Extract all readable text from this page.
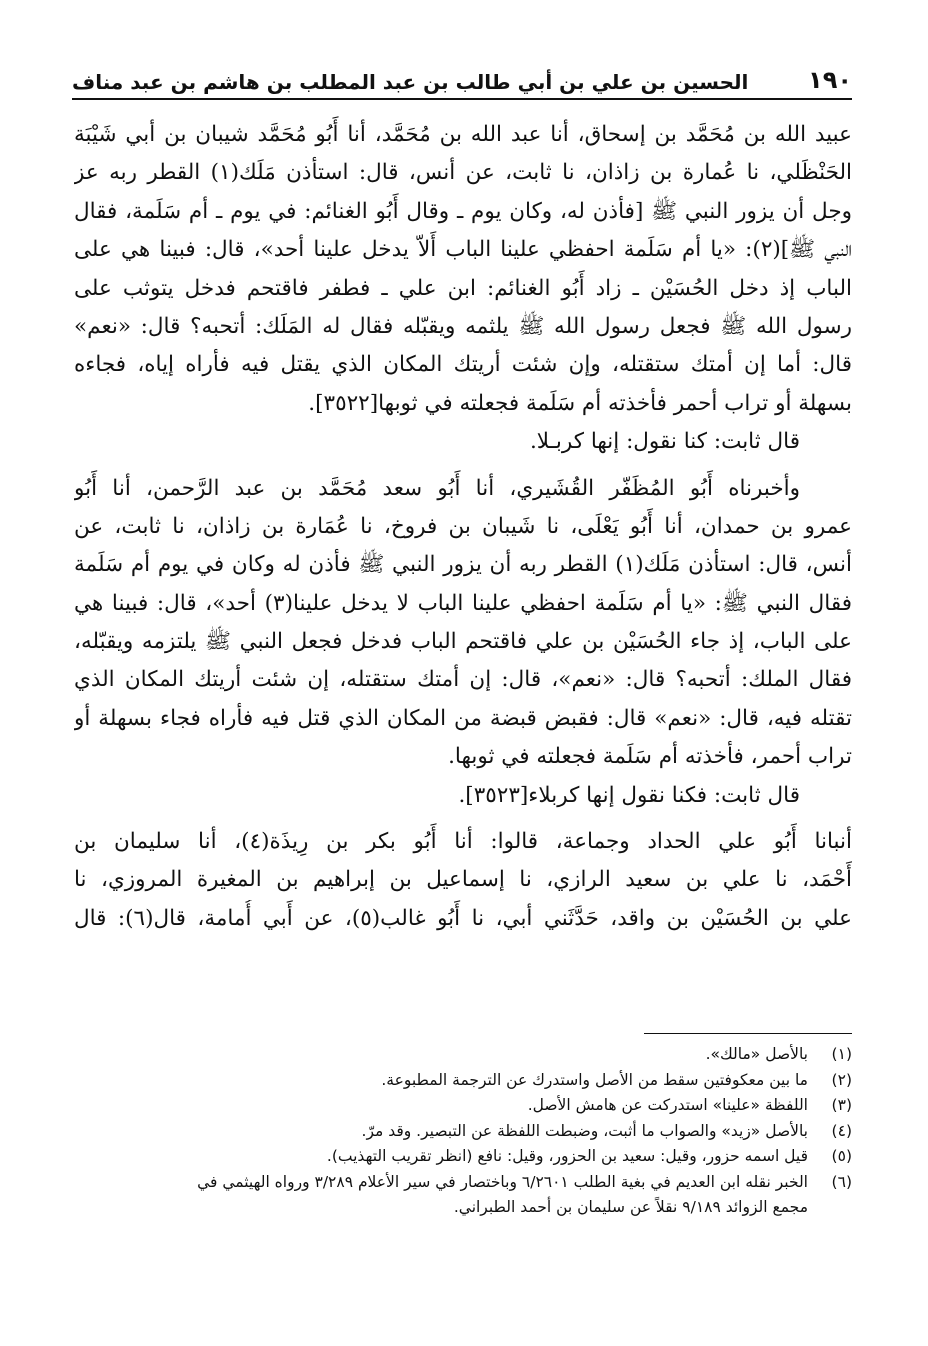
١٩٠
الحسين بن علي بن أبي طالب بن عبد المطلب بن هاشم بن عبد مناف
عبيد الله بن مُحَمَّد بن إسحاق، أنا عبد الله بن مُحَمَّد، أنا أَبُو مُحَمَّد شيبان بن أبي شَيْبَة
الحَنْظَلي، نا عُمارة بن زاذان، نا ثابت، عن أنس، قال: استأذن مَلَك(١) القطر ربه عز
وجل أن يزور النبي ﷺ [فأذن له، وكان يوم ـ وقال أَبُو الغنائم: في يوم ـ أم سَلَمة، فقال
النبي ﷺ](٢): «يا أم سَلَمة احفظي علينا الباب أَلاّ يدخل علينا أحد»، قال: فبينا هي على
الباب إذ دخل الحُسَيْن ـ زاد أَبُو الغنائم: ابن علي ـ فطفر فاقتحم فدخل يتوثب على
رسول الله ﷺ فجعل رسول الله ﷺ يلثمه ويقبّله فقال له المَلَك: أتحبه؟ قال: «نعم»
قال: أما إن أمتك ستقتله، وإن شئت أريتك المكان الذي يقتل فيه فأراه إياه، فجاءه
بسهلة أو تراب أحمر فأخذته أم سَلَمة فجعلته في ثوبها[٣٥٢٢].
قال ثابت: كنا نقول: إنها كربـلا.
وأخبرناه أَبُو المُظَفّر القُشَيري، أنا أَبُو سعد مُحَمَّد بن عبد الرَّحمن، أنا أَبُو
عمرو بن حمدان، أنا أَبُو يَعْلَى، نا شَيبان بن فروخ، نا عُمَارة بن زاذان، نا ثابت، عن
أنس، قال: استأذن مَلَك(١) القطر ربه أن يزور النبي ﷺ فأذن له وكان في يوم أم سَلَمة
فقال النبي ﷺ: «يا أم سَلَمة احفظي علينا الباب لا يدخل علينا(٣) أحد»، قال: فبينا هي
على الباب، إذ جاء الحُسَيْن بن علي فاقتحم الباب فدخل فجعل النبي ﷺ يلتزمه ويقبّله،
فقال الملك: أتحبه؟ قال: «نعم»، قال: إن أمتك ستقتله، إن شئت أريتك المكان الذي
تقتله فيه، قال: «نعم» قال: فقبض قبضة من المكان الذي قتل فيه فأراه فجاء بسهلة أو
تراب أحمر، فأخذته أم سَلَمة فجعلته في ثوبها.
قال ثابت: فكنا نقول إنها كربلاء[٣٥٢٣].
أنبانا أَبُو علي الحداد وجماعة، قالوا: أنا أَبُو بكر بن رِيذَة(٤)، أنا سليمان بن
أَحْمَد، نا علي بن سعيد الرازي، نا إسماعيل بن إبراهيم بن المغيرة المروزي، نا
علي بن الحُسَيْن بن واقد، حَدَّثَني أبي، نا أَبُو غالب(٥)، عن أَبي أُمامة، قال(٦): قال
(١)
بالأصل «مالك».
(٢)
ما بين معكوفتين سقط من الأصل واستدرك عن الترجمة المطبوعة.
(٣)
اللفظة «علينا» استدركت عن هامش الأصل.
(٤)
بالأصل «زيد» والصواب ما أثبت، وضبطت اللفظة عن التبصير. وقد مرّ.
(٥)
قيل اسمه حزور، وقيل: سعيد بن الحزور، وقيل: نافع (انظر تقريب التهذيب).
(٦)
الخبر نقله ابن العديم في بغية الطلب ٦/٢٦٠١ وباختصار في سير الأعلام ٣/٢٨٩ ورواه الهيثمي في
مجمع الزوائد ٩/١٨٩ نقلاً عن سليمان بن أحمد الطبراني.
